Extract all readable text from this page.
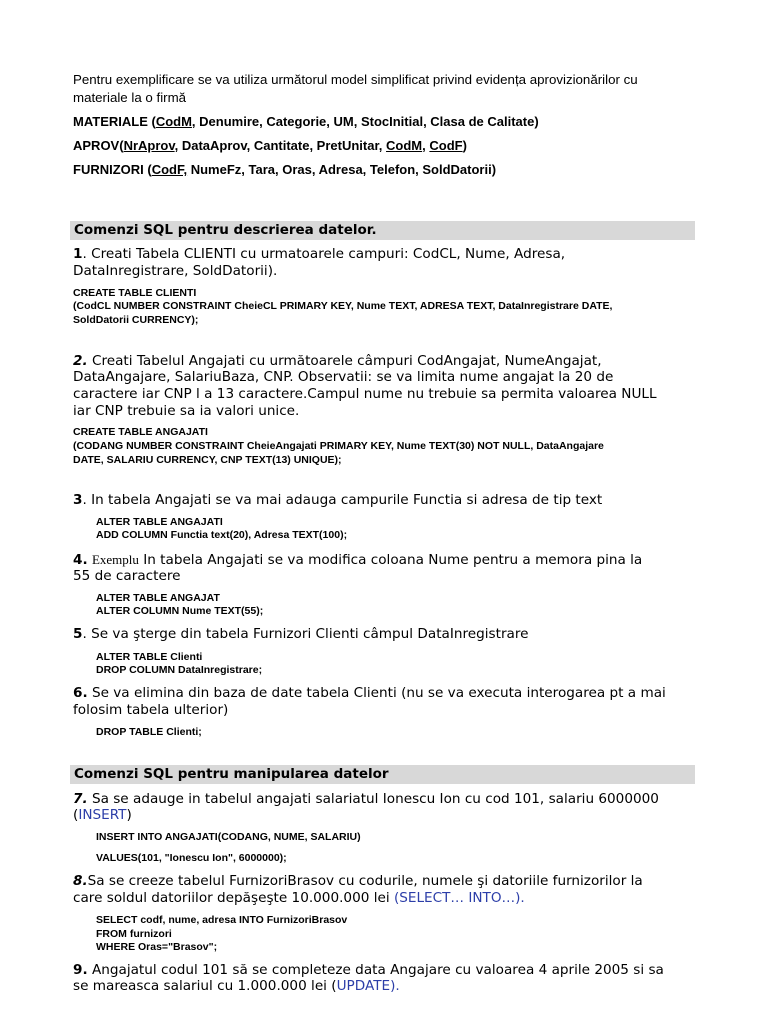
Pentru exemplificare se va utiliza următorul model simplificat privind evidența aprovizionărilor cu
materiale la o firmă
MATERIALE (CodM, Denumire, Categorie, UM, StocInitial, Clasa de Calitate)
APROV(NrAprov, DataAprov, Cantitate, PretUnitar, CodM, CodF)
FURNIZORI (CodF, NumeFz, Tara, Oras, Adresa, Telefon, SoldDatorii)
Comenzi SQL pentru descrierea datelor.
1. Creati Tabela CLIENTI cu urmatoarele campuri: CodCL, Nume, Adresa,
DataInregistrare, SoldDatorii).
CREATE TABLE CLIENTI
(CodCL NUMBER CONSTRAINT CheieCL PRIMARY KEY, Nume TEXT, ADRESA TEXT, DataInregistrare DATE,
SoldDatorii CURRENCY);
2. Creati Tabelul Angajati cu următoarele câmpuri CodAngajat, NumeAngajat,
DataAngajare, SalariuBaza, CNP. Observatii: se va limita nume angajat la 20 de
caractere iar CNP l a 13 caractere.Campul nume nu trebuie sa permita valoarea NULL
iar CNP trebuie sa ia valori unice.
CREATE TABLE ANGAJATI
(CODANG NUMBER CONSTRAINT CheieAngajati PRIMARY KEY, Nume TEXT(30) NOT NULL, DataAngajare
DATE, SALARIU CURRENCY, CNP TEXT(13) UNIQUE);
3. In tabela Angajati se va mai adauga campurile Functia si adresa de tip text
ALTER TABLE ANGAJATI
ADD COLUMN Functia text(20), Adresa TEXT(100);
4. Exemplu In tabela Angajati se va modifica coloana Nume pentru a memora pina la
55 de caractere
ALTER TABLE ANGAJAT
ALTER COLUMN Nume TEXT(55);
5. Se va şterge din tabela Furnizori Clienti câmpul DataInregistrare
ALTER TABLE Clienti
DROP COLUMN DataInregistrare;
6. Se va elimina din baza de date tabela Clienti (nu se va executa interogarea pt a mai
folosim tabela ulterior)
DROP TABLE Clienti;
Comenzi SQL pentru manipularea datelor
7. Sa se adauge in tabelul angajati salariatul Ionescu Ion cu cod 101, salariu 6000000
(INSERT)
INSERT INTO ANGAJATI(CODANG, NUME, SALARIU)
VALUES(101, "Ionescu Ion", 6000000);
8.Sa se creeze tabelul FurnizoriBrasov cu codurile, numele şi datoriile furnizorilor la
care soldul datoriilor depăşeşte 10.000.000 lei (SELECT… INTO…).
SELECT codf, nume, adresa INTO FurnizoriBrasov
FROM furnizori
WHERE Oras="Brasov";
9. Angajatul codul 101 să se completeze data Angajare cu valoarea 4 aprile 2005 si sa
se mareasca salariul cu 1.000.000 lei (UPDATE).
